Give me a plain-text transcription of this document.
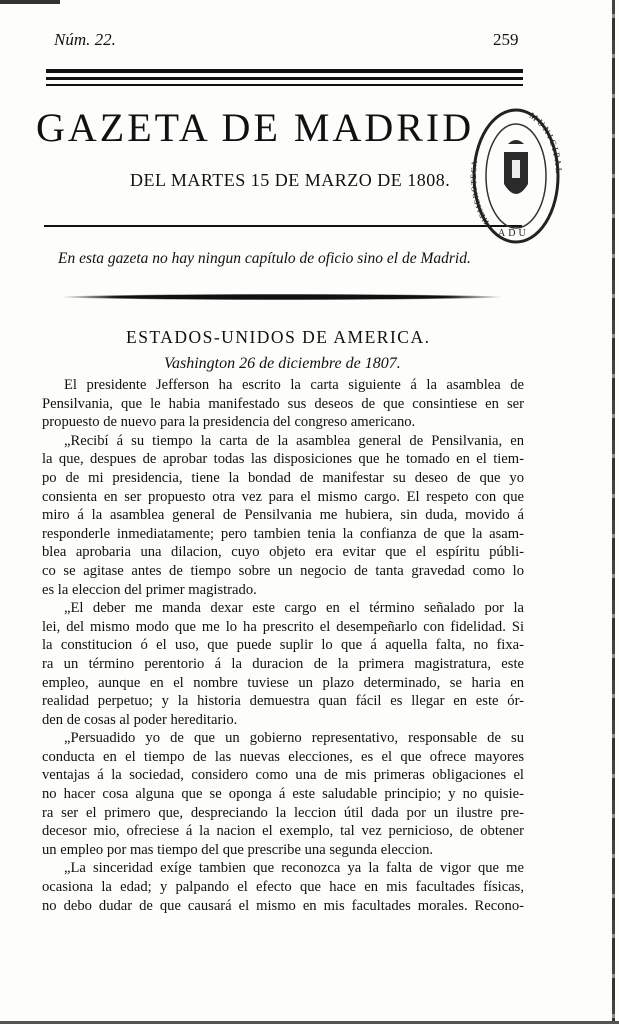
Núm. 22.	259
GAZETA DE MADRID
DEL MARTES 15 DE MARZO DE 1808.
En esta gazeta no hay ningun capítulo de oficio sino el de Madrid.
MUNICIPAL
HEMEROTECA
ADU
ESTADOS-UNIDOS DE AMERICA.
Vashington 26 de diciembre de 1807.
El presidente Jefferson ha escrito la carta siguiente á la asamblea de
Pensilvania, que le habia manifestado sus deseos de que consintiese en ser
propuesto de nuevo para la presidencia del congreso americano.
„Recibí á su tiempo la carta de la asamblea general de Pensilvania, en
la que, despues de aprobar todas las disposiciones que he tomado en el tiem-
po de mi presidencia, tiene la bondad de manifestar su deseo de que yo
consienta en ser propuesto otra vez para el mismo cargo. El respeto con que
miro á la asamblea general de Pensilvania me hubiera, sin duda, movido á
responderle inmediatamente; pero tambien tenia la confianza de que la asam-
blea aprobaria una dilacion, cuyo objeto era evitar que el espíritu públi-
co se agitase antes de tiempo sobre un negocio de tanta gravedad como lo
es la eleccion del primer magistrado.
„El deber me manda dexar este cargo en el término señalado por la
lei, del mismo modo que me lo ha prescrito el desempeñarlo con fidelidad. Si
la constitucion ó el uso, que puede suplir lo que á aquella falta, no fixa-
ra un término perentorio á la duracion de la primera magistratura, este
empleo, aunque en el nombre tuviese un plazo determinado, se haria en
realidad perpetuo; y la historia demuestra quan fácil es llegar en este ór-
den de cosas al poder hereditario.
„Persuadido yo de que un gobierno representativo, responsable de su
conducta en el tiempo de las nuevas elecciones, es el que ofrece mayores
ventajas á la sociedad, considero como una de mis primeras obligaciones el
no hacer cosa alguna que se oponga á este saludable principio; y no quisie-
ra ser el primero que, despreciando la leccion útil dada por un ilustre pre-
decesor mio, ofreciese á la nacion el exemplo, tal vez pernicioso, de obtener
un empleo por mas tiempo del que prescribe una segunda eleccion.
„La sinceridad exíge tambien que reconozca ya la falta de vigor que me
ocasiona la edad; y palpando el efecto que hace en mis facultades físicas,
no debo dudar de que causará el mismo en mis facultades morales. Recono-
